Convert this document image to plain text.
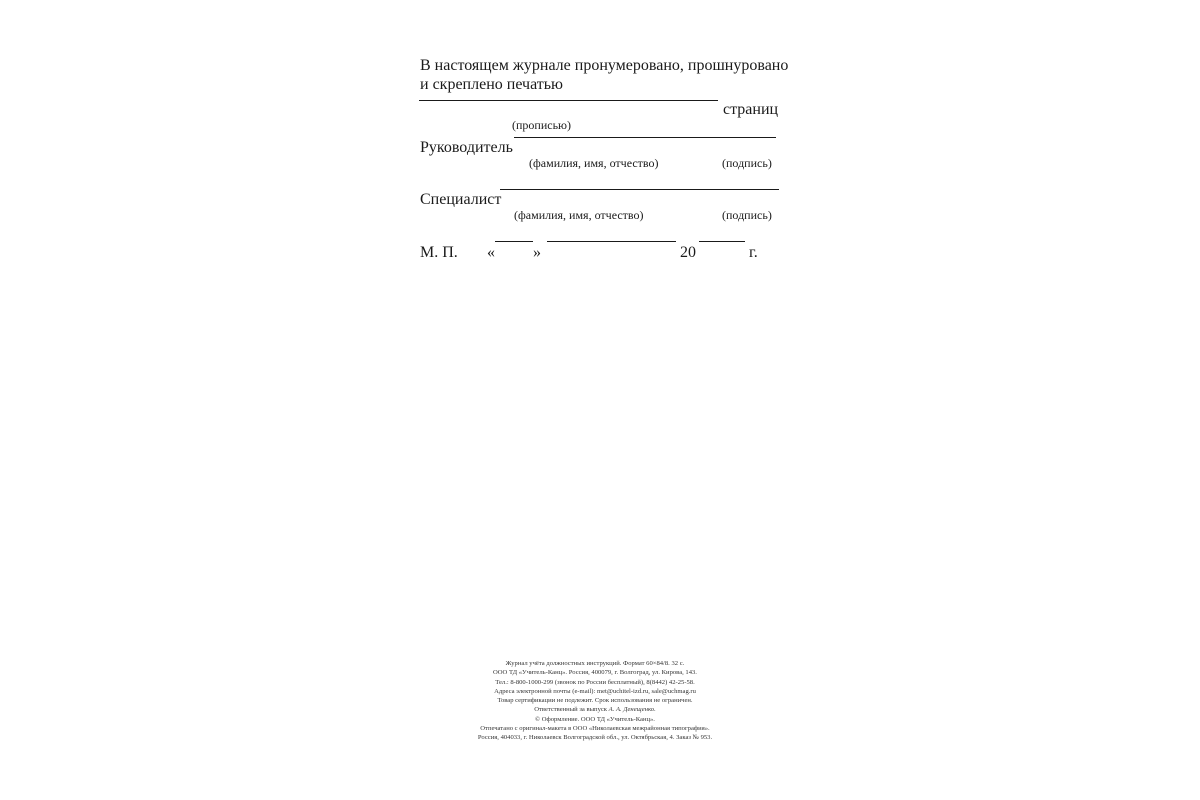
В настоящем журнале пронумеровано, прошнуровано и скреплено печатью

страниц
(прописью)
Руководитель
(фамилия, имя, отчество)	(подпись)
Специалист
(фамилия, имя, отчество)	(подпись)
М. П. « »	20	г.
Журнал учёта должностных инструкций. Формат 60×84/8. 32 с.
ООО ТД «Учитель-Канц». Россия, 400079, г. Волгоград, ул. Кирова, 143.
Тел.: 8-800-1000-299 (звонок по России бесплатный), 8(8442) 42-25-58.
Адреса электронной почты (e-mail): met@uchitel-izd.ru, sale@uchmag.ru
Товар сертификации не подлежит. Срок использования не ограничен.
Ответственный за выпуск А. А. Денещенко.
© Оформление. ООО ТД «Учитель-Канц».
Отпечатано с оригинал-макета в ООО «Николаевская межрайонная типография».
Россия, 404033, г. Николаевск Волгоградской обл., ул. Октябрьская, 4. Заказ № 953.
